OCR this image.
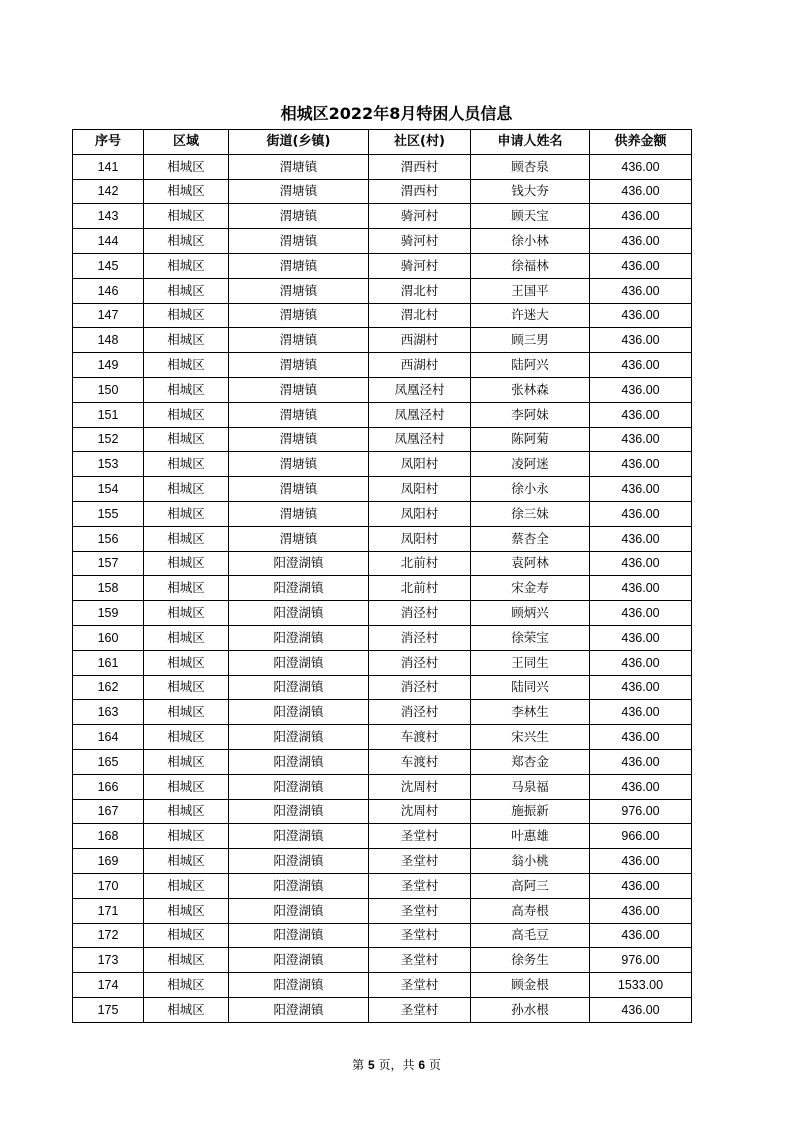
相城区2022年8月特困人员信息
序号	区域	街道(乡镇)	社区(村)	申请人姓名	供养金额
141	相城区	渭塘镇	渭西村	顾杏泉	436.00
142	相城区	渭塘镇	渭西村	钱大夯	436.00
143	相城区	渭塘镇	骑河村	顾天宝	436.00
144	相城区	渭塘镇	骑河村	徐小林	436.00
145	相城区	渭塘镇	骑河村	徐福林	436.00
146	相城区	渭塘镇	渭北村	王国平	436.00
147	相城区	渭塘镇	渭北村	许迷大	436.00
148	相城区	渭塘镇	西湖村	顾三男	436.00
149	相城区	渭塘镇	西湖村	陆阿兴	436.00
150	相城区	渭塘镇	凤凰泾村	张林森	436.00
151	相城区	渭塘镇	凤凰泾村	李阿妹	436.00
152	相城区	渭塘镇	凤凰泾村	陈阿菊	436.00
153	相城区	渭塘镇	凤阳村	凌阿迷	436.00
154	相城区	渭塘镇	凤阳村	徐小永	436.00
155	相城区	渭塘镇	凤阳村	徐三妹	436.00
156	相城区	渭塘镇	凤阳村	蔡杏全	436.00
157	相城区	阳澄湖镇	北前村	袁阿林	436.00
158	相城区	阳澄湖镇	北前村	宋金寿	436.00
159	相城区	阳澄湖镇	消泾村	顾炳兴	436.00
160	相城区	阳澄湖镇	消泾村	徐荣宝	436.00
161	相城区	阳澄湖镇	消泾村	王同生	436.00
162	相城区	阳澄湖镇	消泾村	陆同兴	436.00
163	相城区	阳澄湖镇	消泾村	李林生	436.00
164	相城区	阳澄湖镇	车渡村	宋兴生	436.00
165	相城区	阳澄湖镇	车渡村	郑杏金	436.00
166	相城区	阳澄湖镇	沈周村	马泉福	436.00
167	相城区	阳澄湖镇	沈周村	施振新	976.00
168	相城区	阳澄湖镇	圣堂村	叶惠雄	966.00
169	相城区	阳澄湖镇	圣堂村	翁小桃	436.00
170	相城区	阳澄湖镇	圣堂村	高阿三	436.00
171	相城区	阳澄湖镇	圣堂村	高寿根	436.00
172	相城区	阳澄湖镇	圣堂村	高毛豆	436.00
173	相城区	阳澄湖镇	圣堂村	徐务生	976.00
174	相城区	阳澄湖镇	圣堂村	顾金根	1533.00
175	相城区	阳澄湖镇	圣堂村	孙水根	436.00
第 5 页，共 6 页
